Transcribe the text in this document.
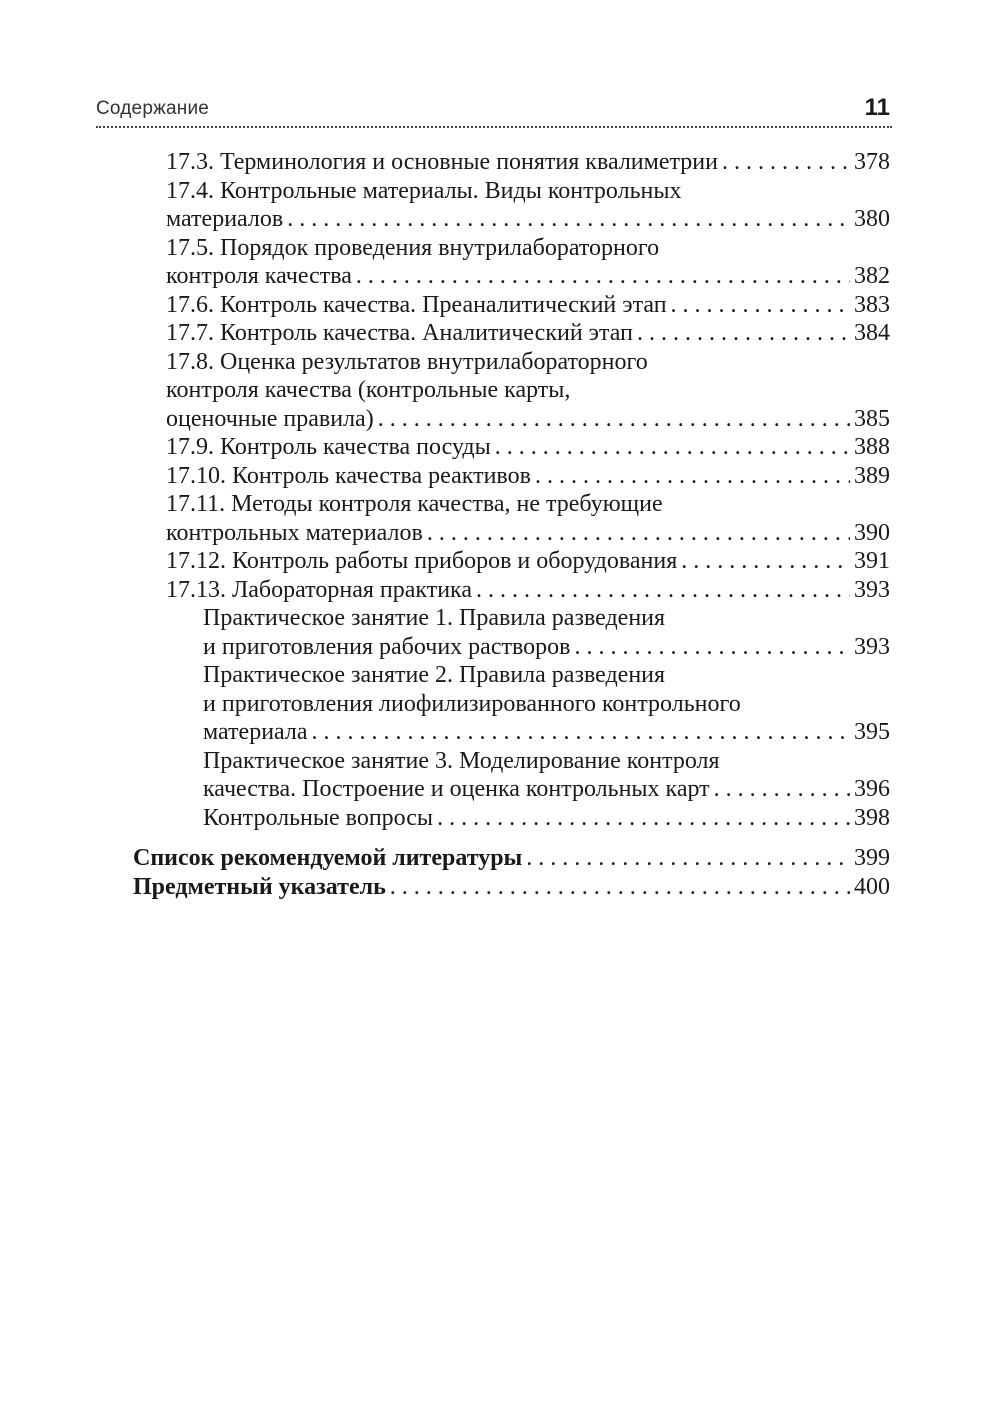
Содержание	11
17.3. Терминология и основные понятия квалиметрии . . .	378
17.4. Контрольные материалы. Виды контрольных
материалов . . .	380
17.5. Порядок проведения внутрилабораторного
контроля качества . . .	382
17.6. Контроль качества. Преаналитический этап . . .	383
17.7. Контроль качества. Аналитический этап . . .	384
17.8. Оценка результатов внутрилабораторного
контроля качества (контрольные карты,
оценочные правила) . . .	385
17.9. Контроль качества посуды . . .	388
17.10. Контроль качества реактивов . . .	389
17.11. Методы контроля качества, не требующие
контрольных материалов . . .	390
17.12. Контроль работы приборов и оборудования . . .	391
17.13. Лабораторная практика . . .	393
Практическое занятие 1. Правила разведения
и приготовления рабочих растворов . . .	393
Практическое занятие 2. Правила разведения
и приготовления лиофилизированного контрольного
материала . . .	395
Практическое занятие 3. Моделирование контроля
качества. Построение и оценка контрольных карт . . .	396
Контрольные вопросы . . .	398
Список рекомендуемой литературы . . .	399
Предметный указатель . . .	400
